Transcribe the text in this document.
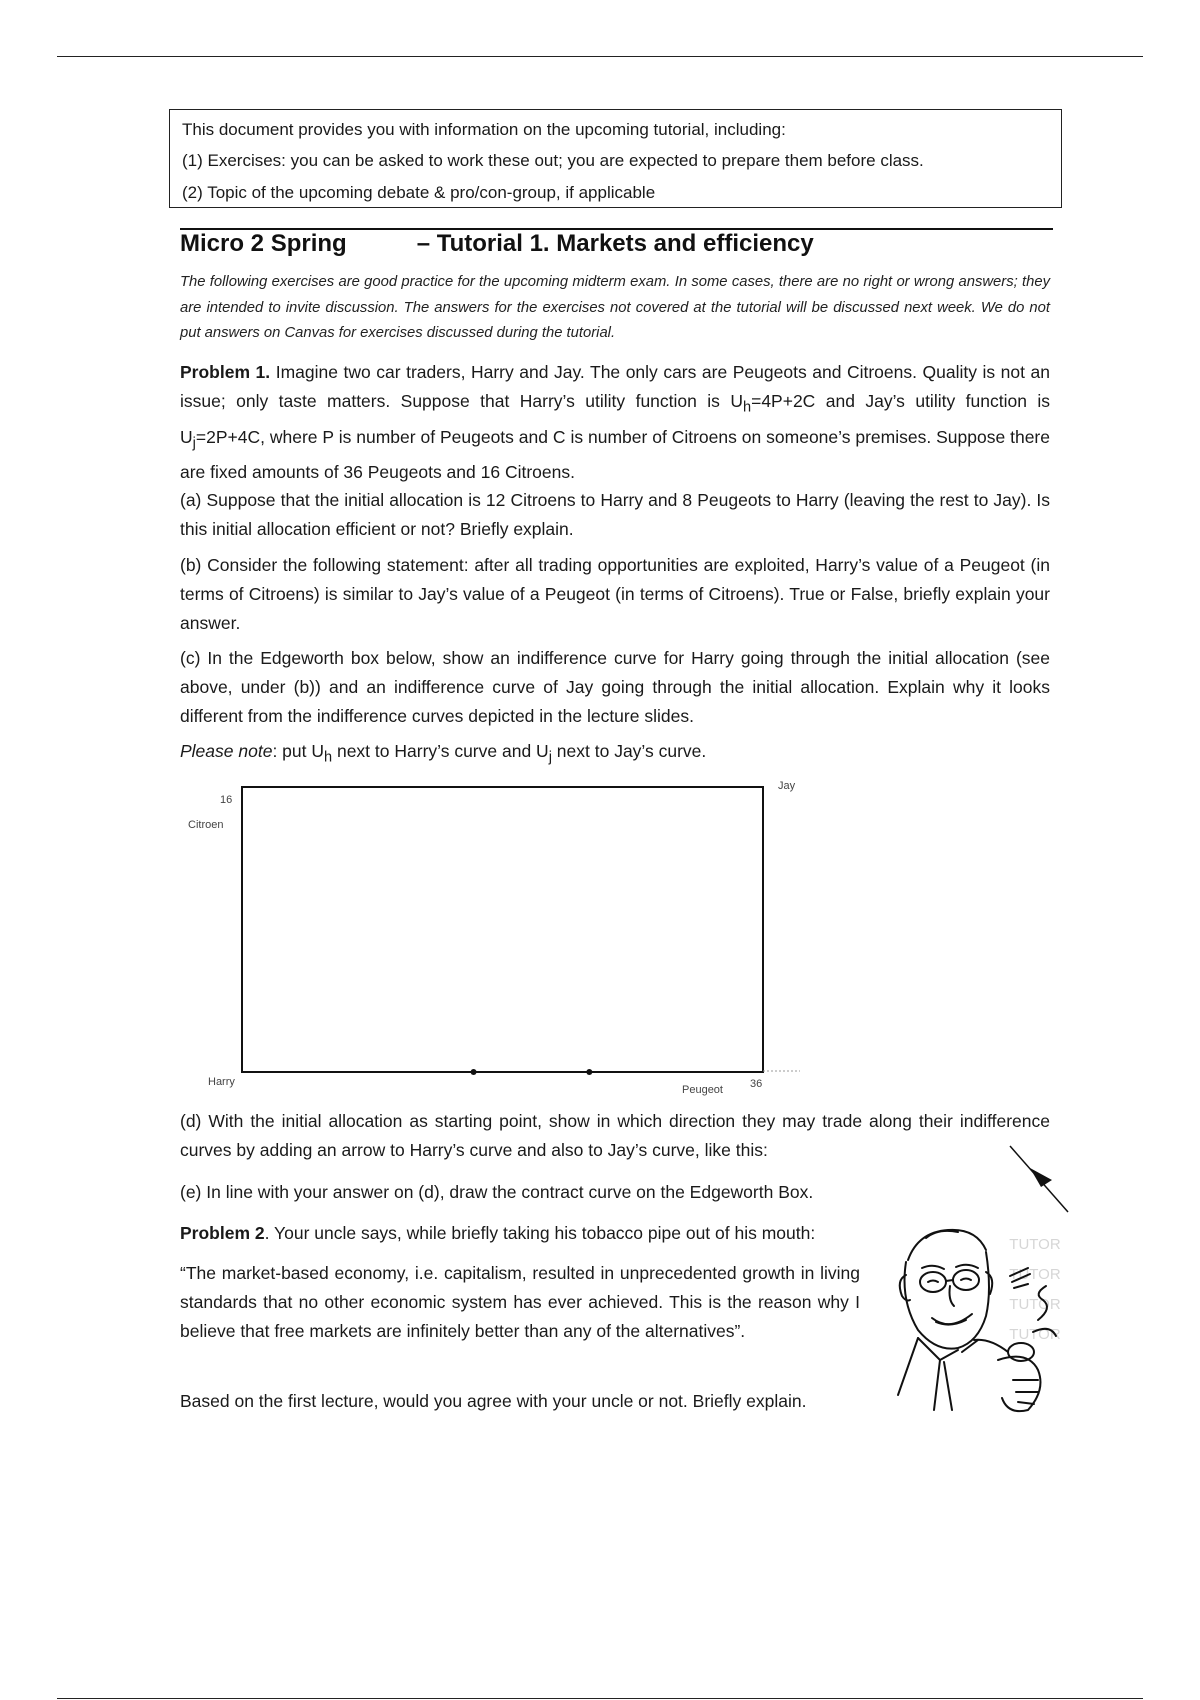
This document provides you with information on the upcoming tutorial, including:
(1) Exercises: you can be asked to work these out; you are expected to prepare them before class.
(2) Topic of the upcoming debate & pro/con-group, if applicable
Micro 2 Spring	– Tutorial 1. Markets and efficiency
The following exercises are good practice for the upcoming midterm exam. In some cases, there are no right or wrong answers; they are intended to invite discussion. The answers for the exercises not covered at the tutorial will be discussed next week. We do not put answers on Canvas for exercises discussed during the tutorial.
Problem 1. Imagine two car traders, Harry and Jay. The only cars are Peugeots and Citroens. Quality is not an issue; only taste matters. Suppose that Harry’s utility function is $U_h=4P+2C$ and Jay’s utility function is $U_j=2P+4C$, where P is number of Peugeots and C is number of Citroens on someone’s premises. Suppose there are fixed amounts of 36 Peugeots and 16 Citroens.
(a) Suppose that the initial allocation is 12 Citroens to Harry and 8 Peugeots to Harry (leaving the rest to Jay). Is this initial allocation efficient or not? Briefly explain.
(b) Consider the following statement: after all trading opportunities are exploited, Harry’s value of a Peugeot (in terms of Citroens) is similar to Jay’s value of a Peugeot (in terms of Citroens). True or False, briefly explain your answer.
(c) In the Edgeworth box below, show an indifference curve for Harry going through the initial allocation (see above, under (b)) and an indifference curve of Jay going through the initial allocation. Explain why it looks different from the indifference curves depicted in the lecture slides.
Please note: put $U_h$ next to Harry’s curve and $U_j$ next to Jay’s curve.
16
Citroen
Jay
Harry
Peugeot 36
(d) With the initial allocation as starting point, show in which direction they may trade along their indifference curves by adding an arrow to Harry’s curve and also to Jay’s curve, like this:
(e) In line with your answer on (d), draw the contract curve on the Edgeworth Box.
Problem 2. Your uncle says, while briefly taking his tobacco pipe out of his mouth:
“The market-based economy, i.e. capitalism, resulted in unprecedented growth in living standards that no other economic system has ever achieved. This is the reason why I believe that free markets are infinitely better than any of the alternatives”.
TUTOR TUTOR TUTOR TUTOR
Based on the first lecture, would you agree with your uncle or not. Briefly explain.
